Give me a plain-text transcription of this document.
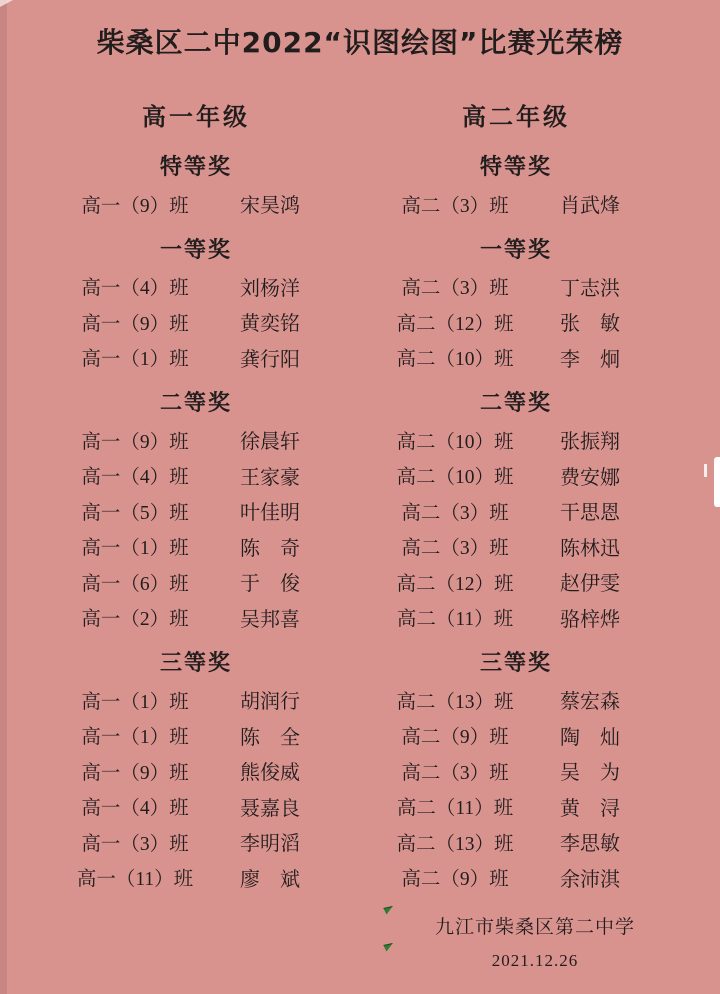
柴桑区二中2022“识图绘图”比赛光荣榜
高一年级
特等奖
高一（9）班	宋昊鸿
一等奖
高一（4）班	刘杨洋
高一（9）班	黄奕铭
高一（1）班	龚行阳
二等奖
高一（9）班	徐晨轩
高一（4）班	王家豪
高一（5）班	叶佳明
高一（1）班	陈　奇
高一（6）班	于　俊
高一（2）班	吴邦喜
三等奖
高一（1）班	胡润行
高一（1）班	陈　全
高一（9）班	熊俊威
高一（4）班	聂嘉良
高一（3）班	李明滔
高一（11）班	廖　斌
高二年级
特等奖
高二（3）班	肖武烽
一等奖
高二（3）班	丁志洪
高二（12）班	张　敏
高二（10）班	李　炯
二等奖
高二（10）班	张振翔
高二（10）班	费安娜
高二（3）班	干思恩
高二（3）班	陈林迅
高二（12）班	赵伊雯
高二（11）班	骆梓烨
三等奖
高二（13）班	蔡宏森
高二（9）班	陶　灿
高二（3）班	吴　为
高二（11）班	黄　浔
高二（13）班	李思敏
高二（9）班	余沛淇
九江市柴桑区第二中学
2021.12.26
